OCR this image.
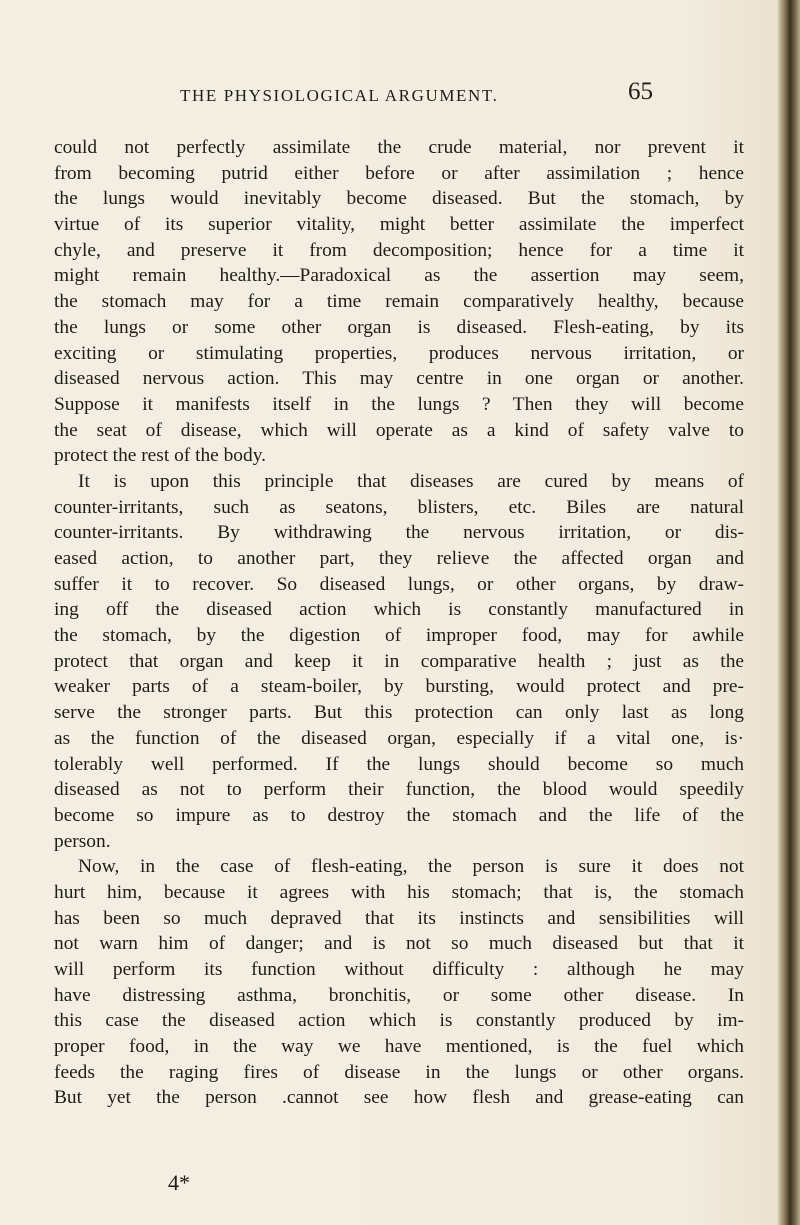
THE PHYSIOLOGICAL ARGUMENT.	65
could not perfectly assimilate the crude material, nor prevent it
from becoming putrid either before or after assimilation ; hence
the lungs would inevitably become diseased. But the stomach, by
virtue of its superior vitality, might better assimilate the imperfect
chyle, and preserve it from decomposition; hence for a time it
might remain healthy.—Paradoxical as the assertion may seem,
the stomach may for a time remain comparatively healthy, because
the lungs or some other organ is diseased. Flesh-eating, by its
exciting or stimulating properties, produces nervous irritation, or
diseased nervous action. This may centre in one organ or another.
Suppose it manifests itself in the lungs ? Then they will become
the seat of disease, which will operate as a kind of safety valve to
protect the rest of the body.
It is upon this principle that diseases are cured by means of
counter-irritants, such as seatons, blisters, etc. Biles are natural
counter-irritants. By withdrawing the nervous irritation, or dis-
eased action, to another part, they relieve the affected organ and
suffer it to recover. So diseased lungs, or other organs, by draw-
ing off the diseased action which is constantly manufactured in
the stomach, by the digestion of improper food, may for awhile
protect that organ and keep it in comparative health ; just as the
weaker parts of a steam-boiler, by bursting, would protect and pre-
serve the stronger parts. But this protection can only last as long
as the function of the diseased organ, especially if a vital one, is·
tolerably well performed. If the lungs should become so much
diseased as not to perform their function, the blood would speedily
become so impure as to destroy the stomach and the life of the
person.
Now, in the case of flesh-eating, the person is sure it does not
hurt him, because it agrees with his stomach; that is, the stomach
has been so much depraved that its instincts and sensibilities will
not warn him of danger; and is not so much diseased but that it
will perform its function without difficulty : although he may
have distressing asthma, bronchitis, or some other disease. In
this case the diseased action which is constantly produced by im-
proper food, in the way we have mentioned, is the fuel which
feeds the raging fires of disease in the lungs or other organs.
But yet the person .cannot see how flesh and grease-eating can
4*
